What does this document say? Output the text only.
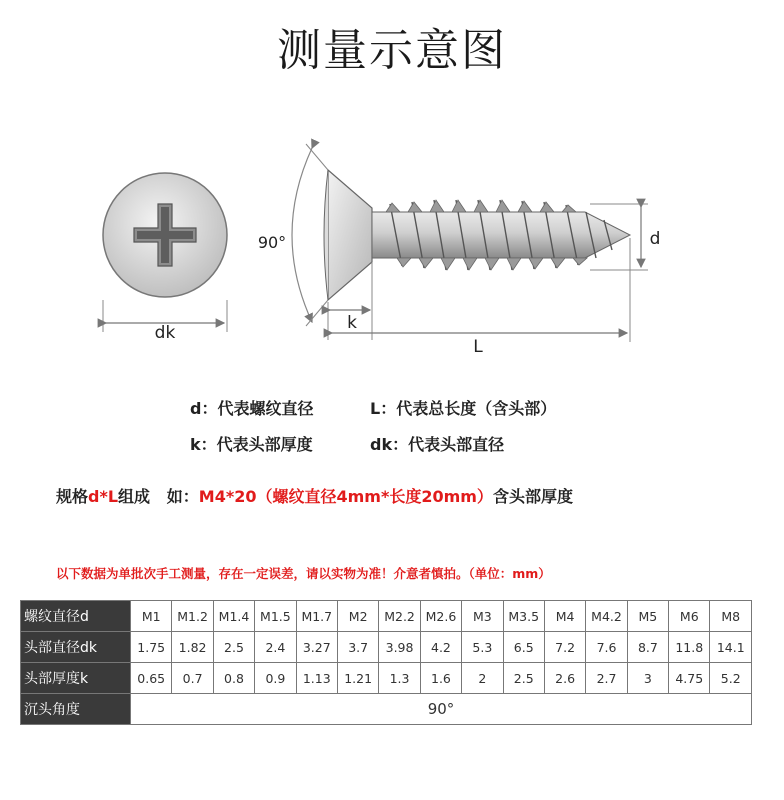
测量示意图
dk
90°
k
L
d
d：代表螺纹直径	L：代表总长度（含头部）
k：代表头部厚度	dk：代表头部直径
规格d*L组成 如：M4*20（螺纹直径4mm*长度20mm）含头部厚度
以下数据为单批次手工测量，存在一定误差，请以实物为准！介意者慎拍。（单位：mm）
螺纹直径d	M1	M1.2	M1.4	M1.5	M1.7	M2	M2.2	M2.6	M3	M3.5	M4	M4.2	M5	M6	M8
头部直径dk	1.75	1.82	2.5	2.4	3.27	3.7	3.98	4.2	5.3	6.5	7.2	7.6	8.7	11.8	14.1
头部厚度k	0.65	0.7	0.8	0.9	1.13	1.21	1.3	1.6	2	2.5	2.6	2.7	3	4.75	5.2
沉头角度	90°														
